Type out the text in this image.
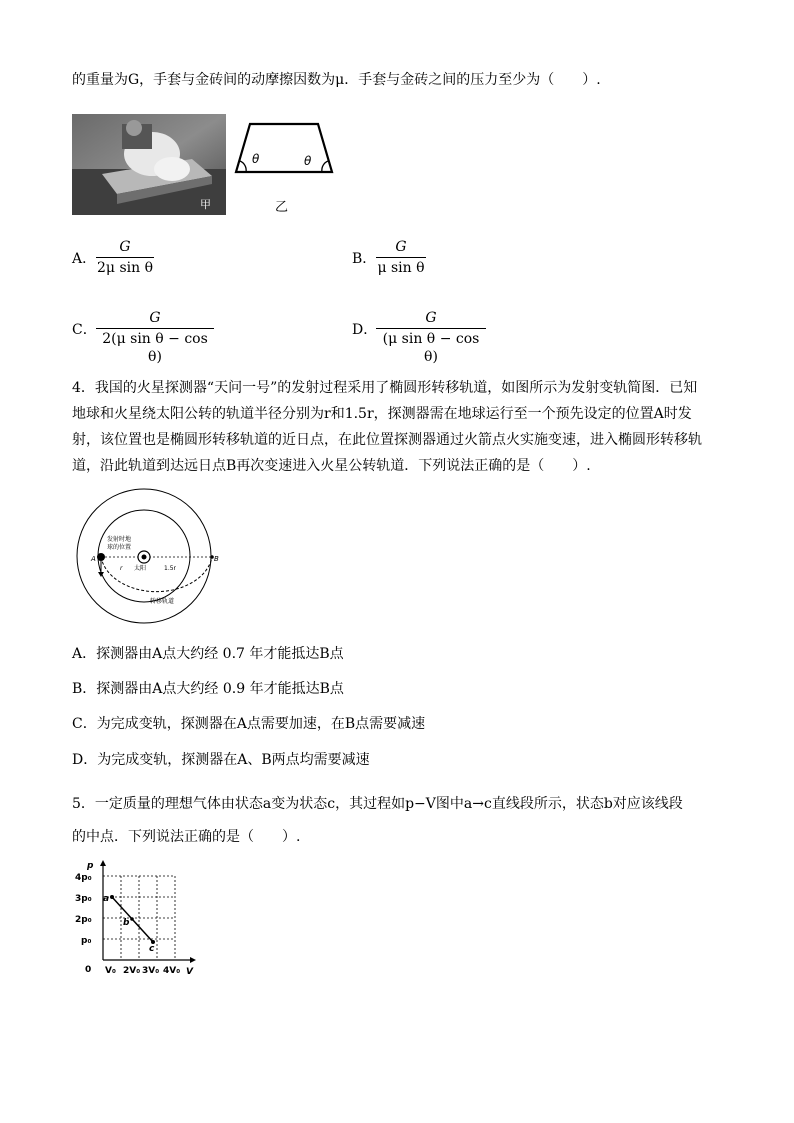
的重量为G，手套与金砖间的动摩擦因数为μ．手套与金砖之间的压力至少为（　　）.
甲
θ	θ
乙
A．
G
2μ sin θ
B．
G
μ sin θ
C．
G
2(μ sin θ − cos θ)
D．
G
(μ sin θ − cos θ)
4．我国的火星探测器“天问一号”的发射过程采用了椭圆形转移轨道，如图所示为发射变轨简图．已知
地球和火星绕太阳公转的轨道半径分别为r和1.5r，探测器需在地球运行至一个预先设定的位置A时发
射，该位置也是椭圆形转移轨道的近日点，在此位置探测器通过火箭点火实施变速，进入椭圆形转移轨
道，沿此轨道到达远日点B再次变速进入火星公转轨道．下列说法正确的是（　　）.
A	B
发射时地
球的位置
r 太阳	1.5r
转移轨道
A．探测器由A点大约经 0.7 年才能抵达B点
B．探测器由A点大约经 0.9 年才能抵达B点
C．为完成变轨，探测器在A点需要加速，在B点需要减速
D．为完成变轨，探测器在A、B两点均需要减速
5．一定质量的理想气体由状态a变为状态c，其过程如p−V图中a→c直线段所示，状态b对应该线段
的中点．下列说法正确的是（　　）.
p
V
0
4p₀
3p₀
2p₀
p₀
V₀ 2V₀ 3V₀ 4V₀
a
b
c
